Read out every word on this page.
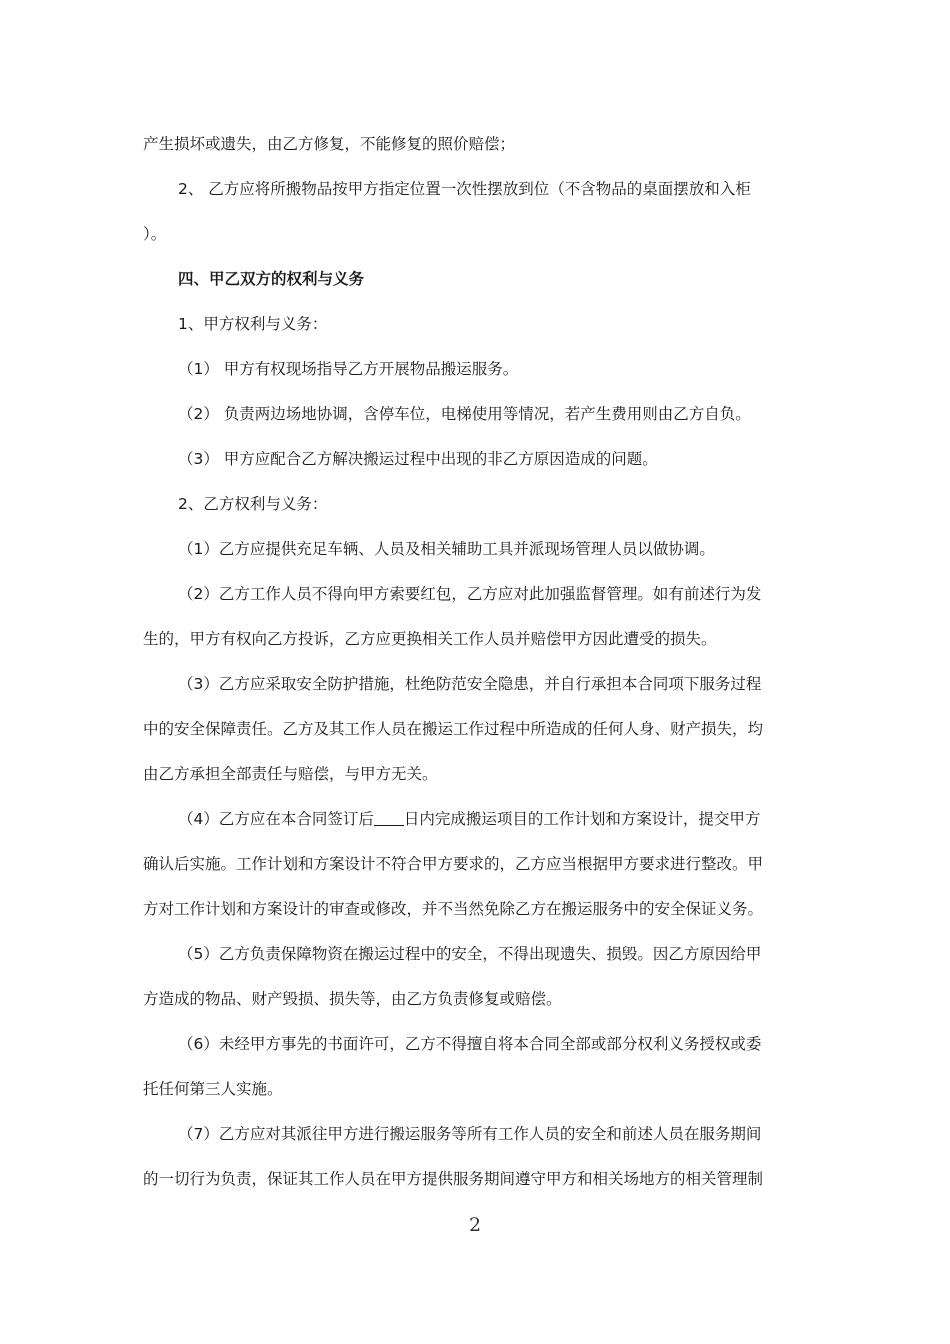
产生损坏或遗失，由乙方修复，不能修复的照价赔偿；
2、 乙方应将所搬物品按甲方指定位置一次性摆放到位（不含物品的桌面摆放和入柜
）。
四、甲乙双方的权利与义务
1、甲方权利与义务：
（1） 甲方有权现场指导乙方开展物品搬运服务。
（2） 负责两边场地协调，含停车位，电梯使用等情况，若产生费用则由乙方自负。
（3） 甲方应配合乙方解决搬运过程中出现的非乙方原因造成的问题。
2、乙方权利与义务：
（1）乙方应提供充足车辆、人员及相关辅助工具并派现场管理人员以做协调。
（2）乙方工作人员不得向甲方索要红包，乙方应对此加强监督管理。如有前述行为发
生的，甲方有权向乙方投诉，乙方应更换相关工作人员并赔偿甲方因此遭受的损失。
（3）乙方应采取安全防护措施，杜绝防范安全隐患，并自行承担本合同项下服务过程
中的安全保障责任。乙方及其工作人员在搬运工作过程中所造成的任何人身、财产损失，均
由乙方承担全部责任与赔偿，与甲方无关。
（4）乙方应在本合同签订后 日内完成搬运项目的工作计划和方案设计，提交甲方
确认后实施。工作计划和方案设计不符合甲方要求的，乙方应当根据甲方要求进行整改。甲
方对工作计划和方案设计的审查或修改，并不当然免除乙方在搬运服务中的安全保证义务。
（5）乙方负责保障物资在搬运过程中的安全，不得出现遗失、损毁。因乙方原因给甲
方造成的物品、财产毁损、损失等，由乙方负责修复或赔偿。
（6）未经甲方事先的书面许可，乙方不得擅自将本合同全部或部分权利义务授权或委
托任何第三人实施。
（7）乙方应对其派往甲方进行搬运服务等所有工作人员的安全和前述人员在服务期间
的一切行为负责，保证其工作人员在甲方提供服务期间遵守甲方和相关场地方的相关管理制
2
